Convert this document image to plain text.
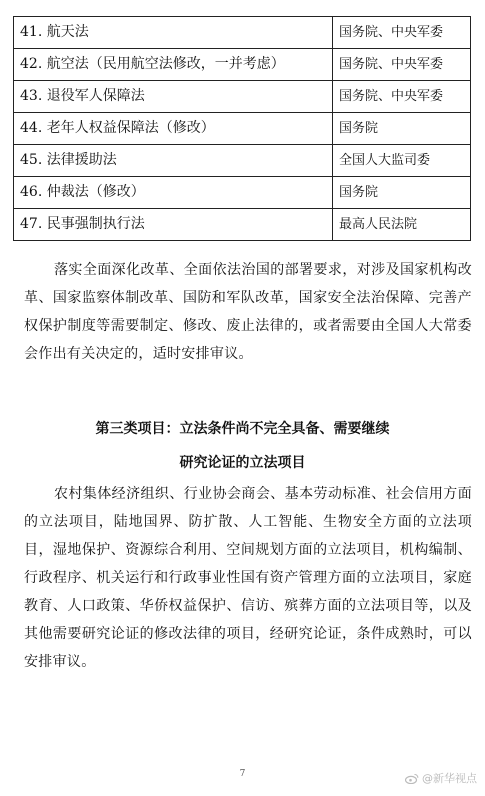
41. 航天法	国务院、中央军委
42. 航空法（民用航空法修改，一并考虑）	国务院、中央军委
43. 退役军人保障法	国务院、中央军委
44. 老年人权益保障法（修改）	国务院
45. 法律援助法	全国人大监司委
46. 仲裁法（修改）	国务院
47. 民事强制执行法	最高人民法院

落实全面深化改革、全面依法治国的部署要求，对涉及国家机构改革、国家监察体制改革、国防和军队改革，国家安全法治保障、完善产权保护制度等需要制定、修改、废止法律的，或者需要由全国人大常委会作出有关决定的，适时安排审议。

第三类项目：立法条件尚不完全具备、需要继续

研究论证的立法项目

农村集体经济组织、行业协会商会、基本劳动标准、社会信用方面的立法项目，陆地国界、防扩散、人工智能、生物安全方面的立法项目，湿地保护、资源综合利用、空间规划方面的立法项目，机构编制、行政程序、机关运行和行政事业性国有资产管理方面的立法项目，家庭教育、人口政策、华侨权益保护、信访、殡葬方面的立法项目等，以及其他需要研究论证的修改法律的项目，经研究论证，条件成熟时，可以安排审议。

7	@新华视点
